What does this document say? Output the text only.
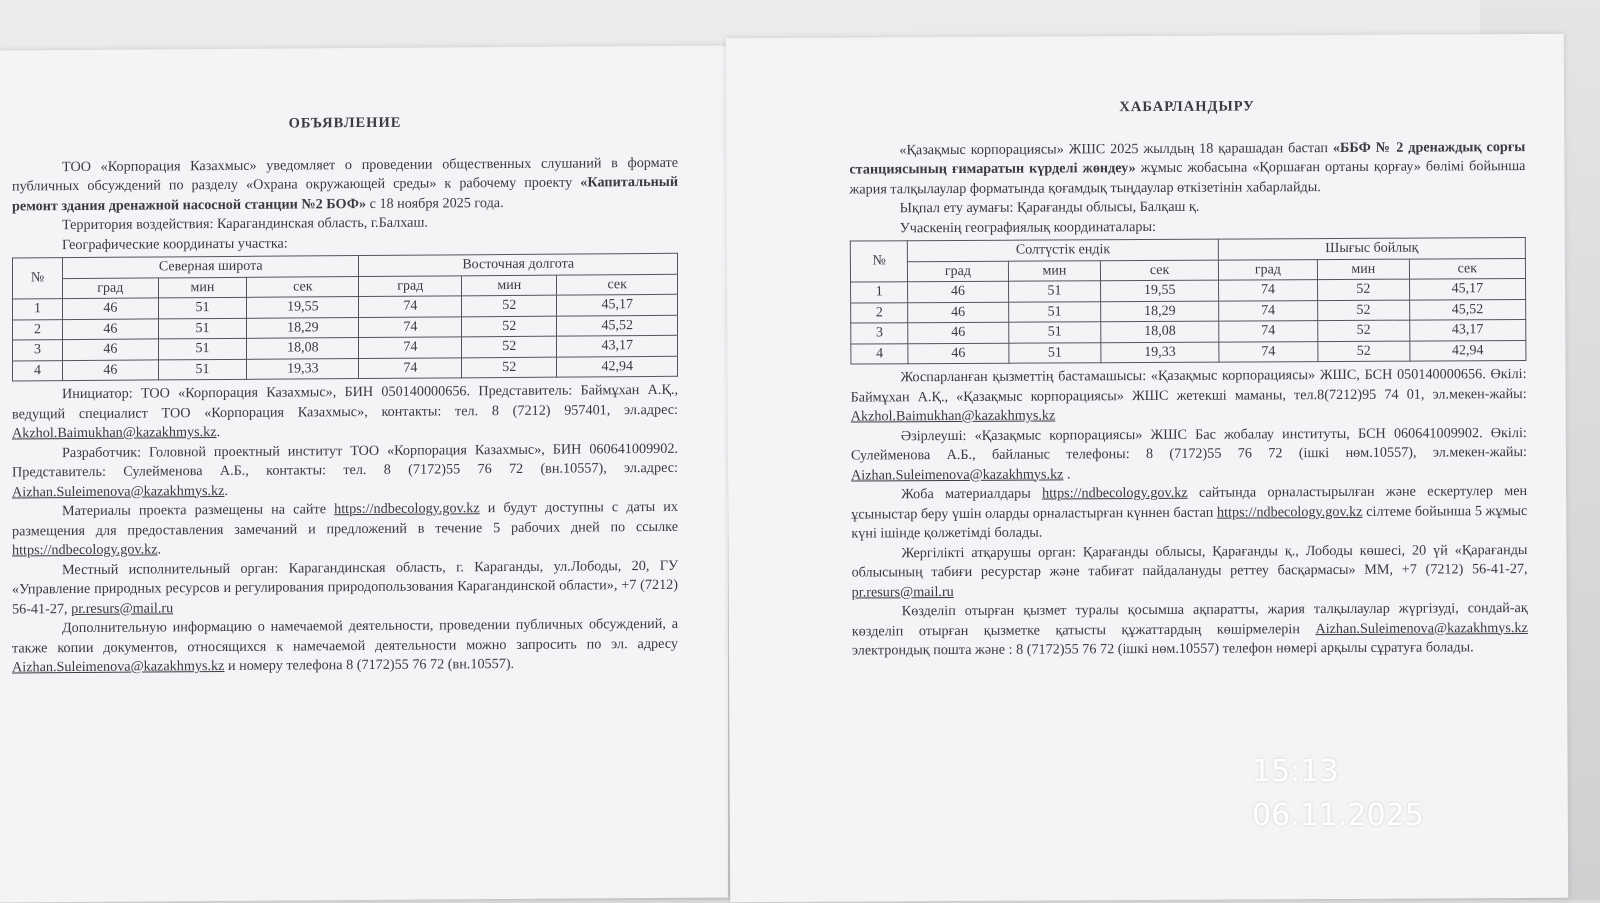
ОБЪЯВЛЕНИЕ

ТОО «Корпорация Казахмыс» уведомляет о проведении общественных слушаний в формате публичных обсуждений по разделу «Охрана окружающей среды» к рабочему проекту «Капитальный ремонт здания дренажной насосной станции №2 БОФ» с 18 ноября 2025 года.

Территория воздействия: Карагандинская область, г.Балхаш.

Географические координаты участка:

№	Северная широта			Восточная долгота		
	град	мин	сек	град	мин	сек
1	46	51	19,55	74	52	45,17
2	46	51	18,29	74	52	45,52
3	46	51	18,08	74	52	43,17
4	46	51	19,33	74	52	42,94

Инициатор: ТОО «Корпорация Казахмыс», БИН 050140000656. Представитель: Баймұхан А.Қ., ведущий специалист ТОО «Корпорация Казахмыс», контакты: тел. 8 (7212) 957401, эл.адрес: Akzhol.Baimukhan@kazakhmys.kz.

Разработчик: Головной проектный институт ТОО «Корпорация Казахмыс», БИН 060641009902. Представитель: Сулейменова А.Б., контакты: тел. 8 (7172)55 76 72 (вн.10557), эл.адрес: Aizhan.Suleimenova@kazakhmys.kz.

Материалы проекта размещены на сайте https://ndbecology.gov.kz и будут доступны с даты их размещения для предоставления замечаний и предложений в течение 5 рабочих дней по ссылке https://ndbecology.gov.kz.

Местный исполнительный орган: Карагандинская область, г. Караганды, ул.Лободы, 20, ГУ «Управление природных ресурсов и регулирования природопользования Карагандинской области», +7 (7212) 56-41-27, pr.resurs@mail.ru

Дополнительную информацию о намечаемой деятельности, проведении публичных обсуждений, а также копии документов, относящихся к намечаемой деятельности можно запросить по эл. адресу Aizhan.Suleimenova@kazakhmys.kz и номеру телефона 8 (7172)55 76 72 (вн.10557).

ХАБАРЛАНДЫРУ

«Қазақмыс корпорациясы» ЖШС 2025 жылдың 18 қарашадан бастап «ББФ № 2 дренаждық сорғы станциясының ғимаратын күрделі жөндеу» жұмыс жобасына «Қоршаған ортаны қорғау» бөлімі бойынша жария талқылаулар форматында қоғамдық тыңдаулар өткізетінін хабарлайды.

Ықпал ету аумағы: Қарағанды облысы, Балқаш қ.

Учаскенің географиялық координаталары:

№	Солтүстік ендік			Шығыс бойлық		
	град	мин	сек	град	мин	сек
1	46	51	19,55	74	52	45,17
2	46	51	18,29	74	52	45,52
3	46	51	18,08	74	52	43,17
4	46	51	19,33	74	52	42,94

Жоспарланған қызметтің бастамашысы: «Қазақмыс корпорациясы» ЖШС, БСН 050140000656. Өкілі: Баймұхан А.Қ., «Қазақмыс корпорациясы» ЖШС жетекші маманы, тел.8(7212)95 74 01, эл.мекен-жайы: Akzhol.Baimukhan@kazakhmys.kz

Әзірлеуші: «Қазақмыс корпорациясы» ЖШС Бас жобалау институты, БСН 060641009902. Өкілі: Сулейменова А.Б., байланыс телефоны: 8 (7172)55 76 72 (ішкі нөм.10557), эл.мекен-жайы: Aizhan.Suleimenova@kazakhmys.kz .

Жоба материалдары https://ndbecology.gov.kz сайтында орналастырылған және ескертулер мен ұсыныстар беру үшін оларды орналастырған күннен бастап https://ndbecology.gov.kz сілтеме бойынша 5 жұмыс күні ішінде қолжетімді болады.

Жергілікті атқарушы орган: Қарағанды облысы, Қарағанды қ., Лободы көшесі, 20 үй «Қарағанды облысының табиғи ресурстар және табиғат пайдалануды реттеу басқармасы» ММ, +7 (7212) 56-41-27, pr.resurs@mail.ru

Көзделіп отырған қызмет туралы қосымша ақпаратты, жария талқылаулар жүргізуді, сондай-ақ көзделіп отырған қызметке қатысты құжаттардың көшірмелерін Aizhan.Suleimenova@kazakhmys.kz электрондық пошта және : 8 (7172)55 76 72 (ішкі нөм.10557) телефон нөмері арқылы сұратуға болады.

15:13
06.11.2025
